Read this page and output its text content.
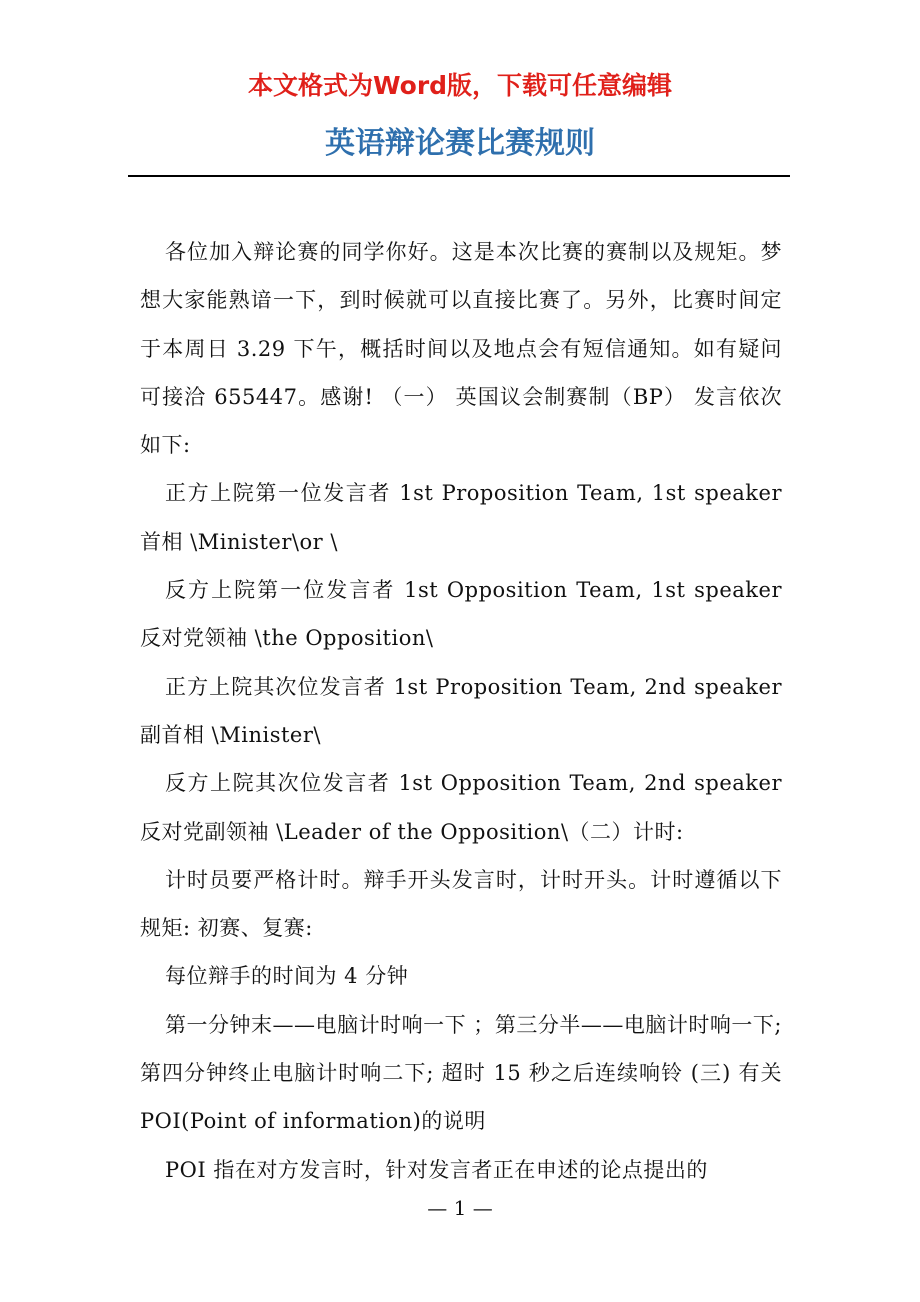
本文格式为Word版，下载可任意编辑
英语辩论赛比赛规则

各位加入辩论赛的同学你好。这是本次比赛的赛制以及规矩。梦想大家能熟谙一下，到时候就可以直接比赛了。另外，比赛时间定于本周日 3.29 下午，概括时间以及地点会有短信通知。如有疑问可接洽 655447。感谢! （一） 英国议会制赛制（BP） 发言依次如下:

正方上院第一位发言者 1st Proposition Team, 1st speaker 首相 \Minister\or \

反方上院第一位发言者 1st Opposition Team, 1st speaker 反对党领袖 \the Opposition\

正方上院其次位发言者 1st Proposition Team, 2nd speaker 副首相 \Minister\

反方上院其次位发言者 1st Opposition Team, 2nd speaker 反对党副领袖 \Leader of the Opposition\（二）计时:

计时员要严格计时。辩手开头发言时，计时开头。计时遵循以下规矩: 初赛、复赛:

每位辩手的时间为 4 分钟

第一分钟末——电脑计时响一下 ；第三分半——电脑计时响一下; 第四分钟终止电脑计时响二下; 超时 15 秒之后连续响铃 (三) 有关 POI(Point of information)的说明

POI 指在对方发言时，针对发言者正在申述的论点提出的

— 1 —
